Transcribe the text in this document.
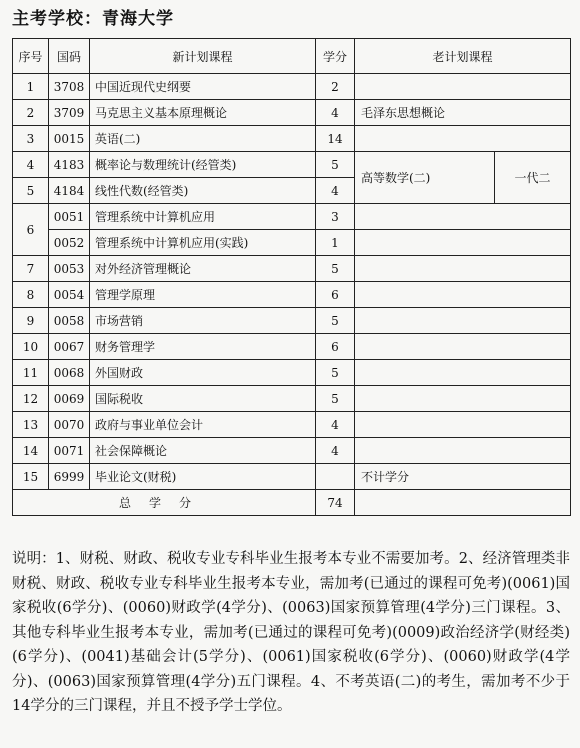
主考学校：青海大学
序号	国码	新计划课程	学分	老计划课程	
1	3708	中国近现代史纲要	2		
2	3709	马克思主义基本原理概论	4	毛泽东思想概论	
3	0015	英语(二)	14		
4	4183	概率论与数理统计(经管类)	5	高等数学(二)	一代二
5	4184	线性代数(经管类)	4		
6	0051	管理系统中计算机应用	3		
	0052	管理系统中计算机应用(实践)	1		
7	0053	对外经济管理概论	5		
8	0054	管理学原理	6		
9	0058	市场营销	5		
10	0067	财务管理学	6		
11	0068	外国财政	5		
12	0069	国际税收	5		
13	0070	政府与事业单位会计	4		
14	0071	社会保障概论	4		
15	6999	毕业论文(财税)		不计学分	
总学分			74		

说明：1、财税、财政、税收专业专科毕业生报考本专业不需要加考。2、经济管理类非财税、财政、税收专业专科毕业生报考本专业，需加考(已通过的课程可免考)(0061)国家税收(6学分)、(0060)财政学(4学分)、(0063)国家预算管理(4学分)三门课程。3、其他专科毕业生报考本专业，需加考(已通过的课程可免考)(0009)政治经济学(财经类)(6学分)、(0041)基础会计(5学分)、(0061)国家税收(6学分)、(0060)财政学(4学分)、(0063)国家预算管理(4学分)五门课程。4、不考英语(二)的考生，需加考不少于14学分的三门课程，并且不授予学士学位。
